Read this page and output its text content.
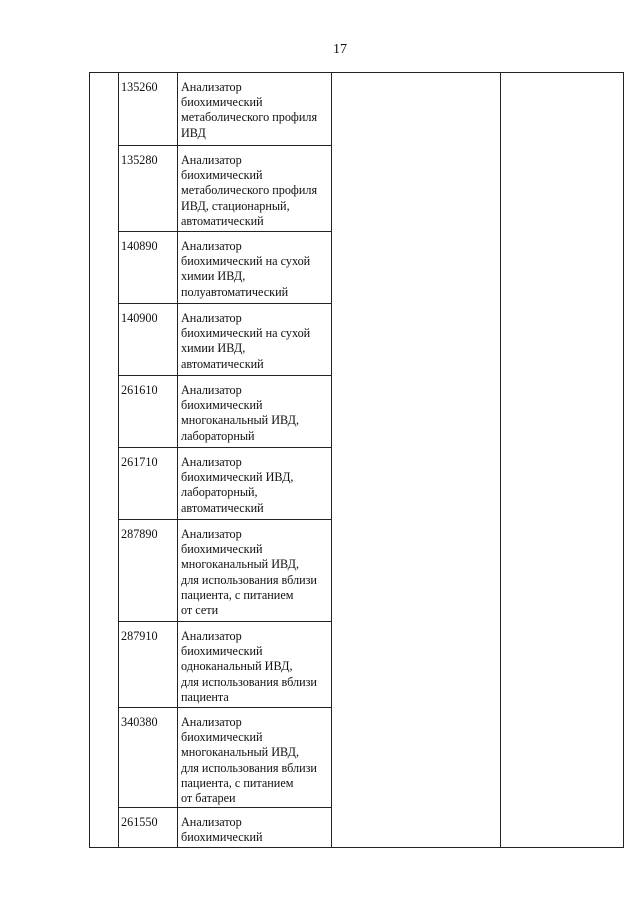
17
135260 Анализатор
биохимический
метаболического профиля
ИВД
135280 Анализатор
биохимический
метаболического профиля
ИВД, стационарный,
автоматический
140890 Анализатор
биохимический на сухой
химии ИВД,
полуавтоматический
140900 Анализатор
биохимический на сухой
химии ИВД,
автоматический
261610 Анализатор
биохимический
многоканальный ИВД,
лабораторный
261710 Анализатор
биохимический ИВД,
лабораторный,
автоматический
287890 Анализатор
биохимический
многоканальный ИВД,
для использования вблизи
пациента, с питанием
от сети
287910 Анализатор
биохимический
одноканальный ИВД,
для использования вблизи
пациента
340380 Анализатор
биохимический
многоканальный ИВД,
для использования вблизи
пациента, с питанием
от батареи
261550 Анализатор
биохимический
